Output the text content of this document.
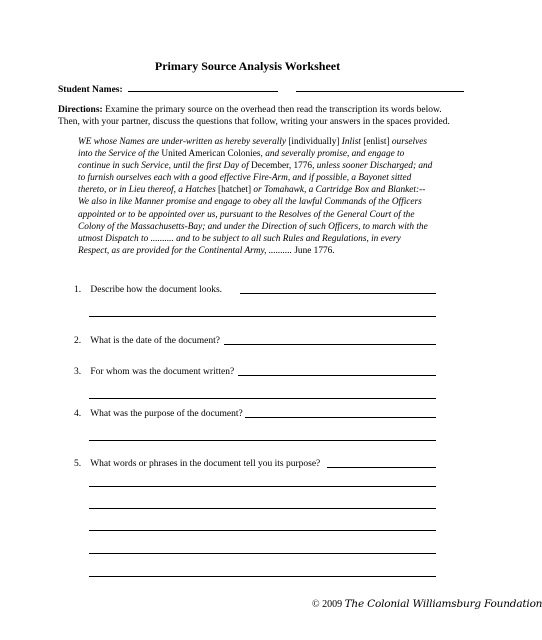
Primary Source Analysis Worksheet
Student Names:
Directions: Examine the primary source on the overhead then read the transcription its words below. Then, with your partner, discuss the questions that follow, writing your answers in the spaces provided.
WE whose Names are under-written as hereby severally [individually] Inlist [enlist] ourselves into the Service of the United American Colonies, and severally promise, and engage to continue in such Service, until the first Day of December, 1776, unless sooner Discharged; and to furnish ourselves each with a good effective Fire-Arm, and if possible, a Bayonet sitted thereto, or in Lieu thereof, a Hatches [hatchet] or Tomahawk, a Cartridge Box and Blanket:--We also in like Manner promise and engage to obey all the lawful Commands of the Officers appointed or to be appointed over us, pursuant to the Resolves of the General Court of the Colony of the Massachusetts-Bay; and under the Direction of such Officers, to march with the utmost Dispatch to .......... and to be subject to all such Rules and Regulations, in every Respect, as are provided for the Continental Army, .......... June 1776.
1. Describe how the document looks.
2. What is the date of the document?
3. For whom was the document written?
4. What was the purpose of the document?
5. What words or phrases in the document tell you its purpose?
© 2009 The Colonial Williamsburg Foundation
